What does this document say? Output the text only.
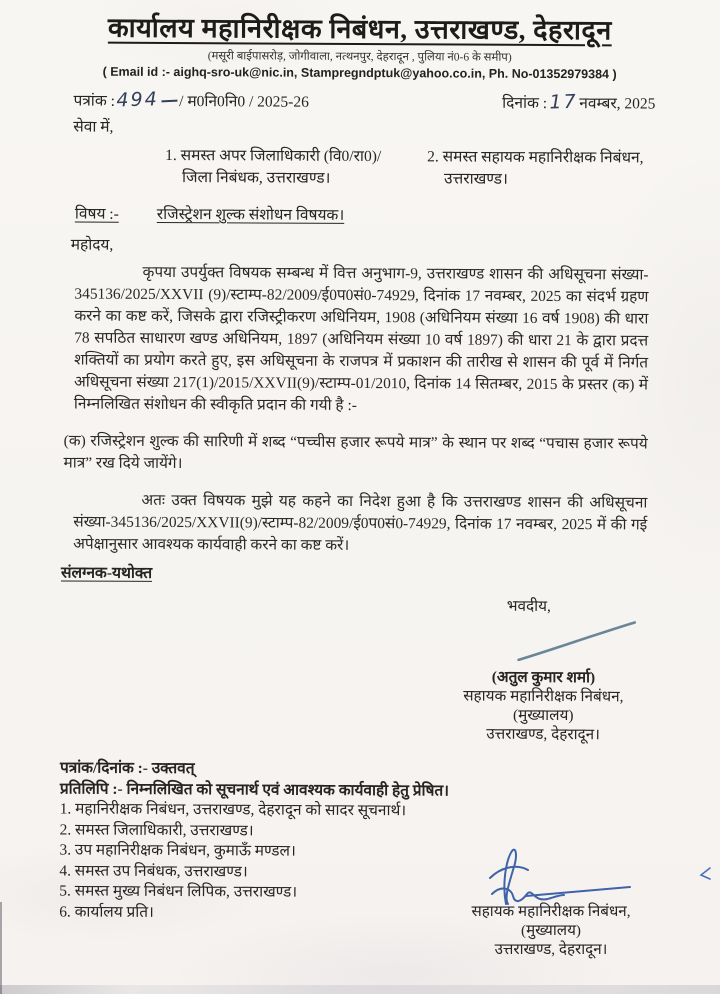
कार्यालय महानिरीक्षक निबंधन, उत्तराखण्ड, देहरादून
(मसूरी बाईपासरोड़, जोगीवाला, नत्थनपुर, देहरादून , पुलिया नं0-6 के समीप)
( Email id :- aighq-sro-uk@nic.in, Stampregndptuk@yahoo.co.in, Ph. No-01352979384 )
पत्रांक : 494 / म0नि0नि0 / 2025-26	दिनांक : 17 नवम्बर, 2025
सेवा में,
1. समस्त अपर जिलाधिकारी (वि0/रा0)/
जिला निबंधक, उत्तराखण्ड।
2. समस्त सहायक महानिरीक्षक निबंधन,
उत्तराखण्ड।
विषय :- रजिस्ट्रेशन शुल्क संशोधन विषयक।
महोदय,
कृपया उपर्युक्त विषयक सम्बन्ध में वित्त अनुभाग-9, उत्तराखण्ड शासन की अधिसूचना संख्या- 345136/2025/XXVII (9)/स्टाम्प-82/2009/ई0प0सं0-74929, दिनांक 17 नवम्बर, 2025 का संदर्भ ग्रहण करने का कष्ट करें, जिसके द्वारा रजिस्ट्रीकरण अधिनियम, 1908 (अधिनियम संख्या 16 वर्ष 1908) की धारा 78 सपठित साधारण खण्ड अधिनियम, 1897 (अधिनियम संख्या 10 वर्ष 1897) की धारा 21 के द्वारा प्रदत्त शक्तियों का प्रयोग करते हुए, इस अधिसूचना के राजपत्र में प्रकाशन की तारीख से शासन की पूर्व में निर्गत अधिसूचना संख्या 217(1)/2015/XXVII(9)/स्टाम्प-01/2010, दिनांक 14 सितम्बर, 2015 के प्रस्तर (क) में निम्नलिखित संशोधन की स्वीकृति प्रदान की गयी है :-
(क) रजिस्ट्रेशन शुल्क की सारिणी में शब्द “पच्चीस हजार रूपये मात्र” के स्थान पर शब्द “पचास हजार रूपये मात्र” रख दिये जायेंगे।
अतः उक्त विषयक मुझे यह कहने का निदेश हुआ है कि उत्तराखण्ड शासन की अधिसूचना संख्या-345136/2025/XXVII(9)/स्टाम्प-82/2009/ई0प0सं0-74929, दिनांक 17 नवम्बर, 2025 में की गई अपेक्षानुसार आवश्यक कार्यवाही करने का कष्ट करें।
संलग्नक-यथोक्त
भवदीय,
(अतुल कुमार शर्मा)
सहायक महानिरीक्षक निबंधन,
(मुख्यालय)
उत्तराखण्ड, देहरादून।
पत्रांक/दिनांक :- उक्तवत्
प्रतिलिपि :- निम्नलिखित को सूचनार्थ एवं आवश्यक कार्यवाही हेतु प्रेषित।
1. महानिरीक्षक निबंधन, उत्तराखण्ड, देहरादून को सादर सूचनार्थ।
2. समस्त जिलाधिकारी, उत्तराखण्ड।
3. उप महानिरीक्षक निबंधन, कुमाऊँ मण्डल।
4. समस्त उप निबंधक, उत्तराखण्ड।
5. समस्त मुख्य निबंधन लिपिक, उत्तराखण्ड।
6. कार्यालय प्रति।	सहायक महानिरीक्षक निबंधन,
(मुख्यालय)
उत्तराखण्ड, देहरादून।
